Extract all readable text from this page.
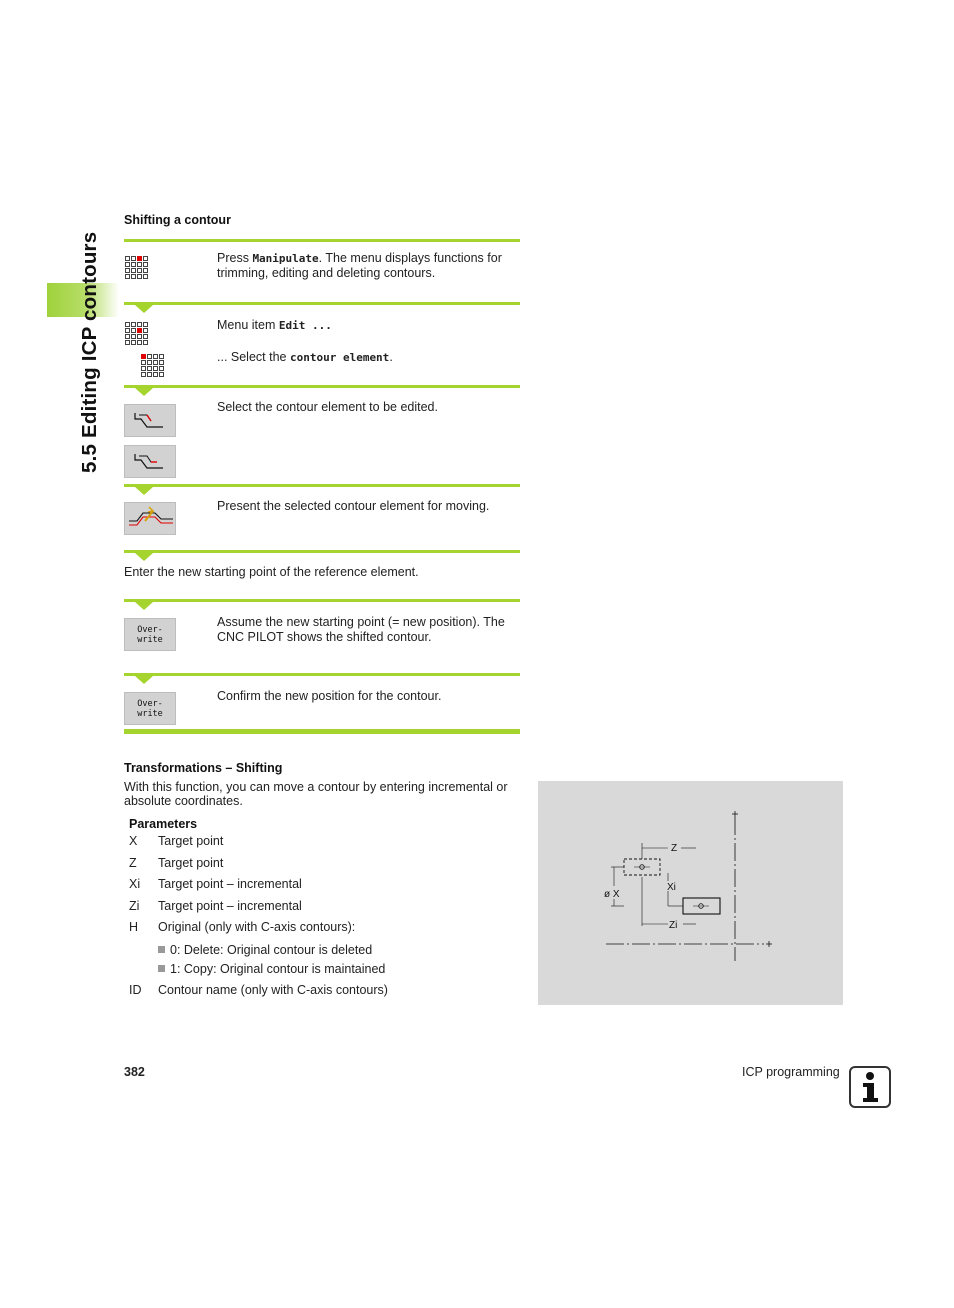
5.5 Editing ICP contours
Shifting a contour
Press Manipulate. The menu displays functions for trimming, editing and deleting contours.
Menu item Edit ...
... Select the contour element.
Select the contour element to be edited.
Present the selected contour element for moving.
Enter the new starting point of the reference element.
Over-
write
Assume the new starting point (= new position). The CNC PILOT shows the shifted contour.
Over-
write
Confirm the new position for the contour.
Transformations – Shifting
With this function, you can move a contour by entering incremental or absolute coordinates.
Parameters
X	Target point
Z	Target point
Xi	Target point – incremental
Zi	Target point – incremental
H	Original (only with C-axis contours):
0: Delete: Original contour is deleted
1: Copy: Original contour is maintained
ID	Contour name (only with C-axis contours)
Z
Zi
Xi
ø X
382	ICP programming
